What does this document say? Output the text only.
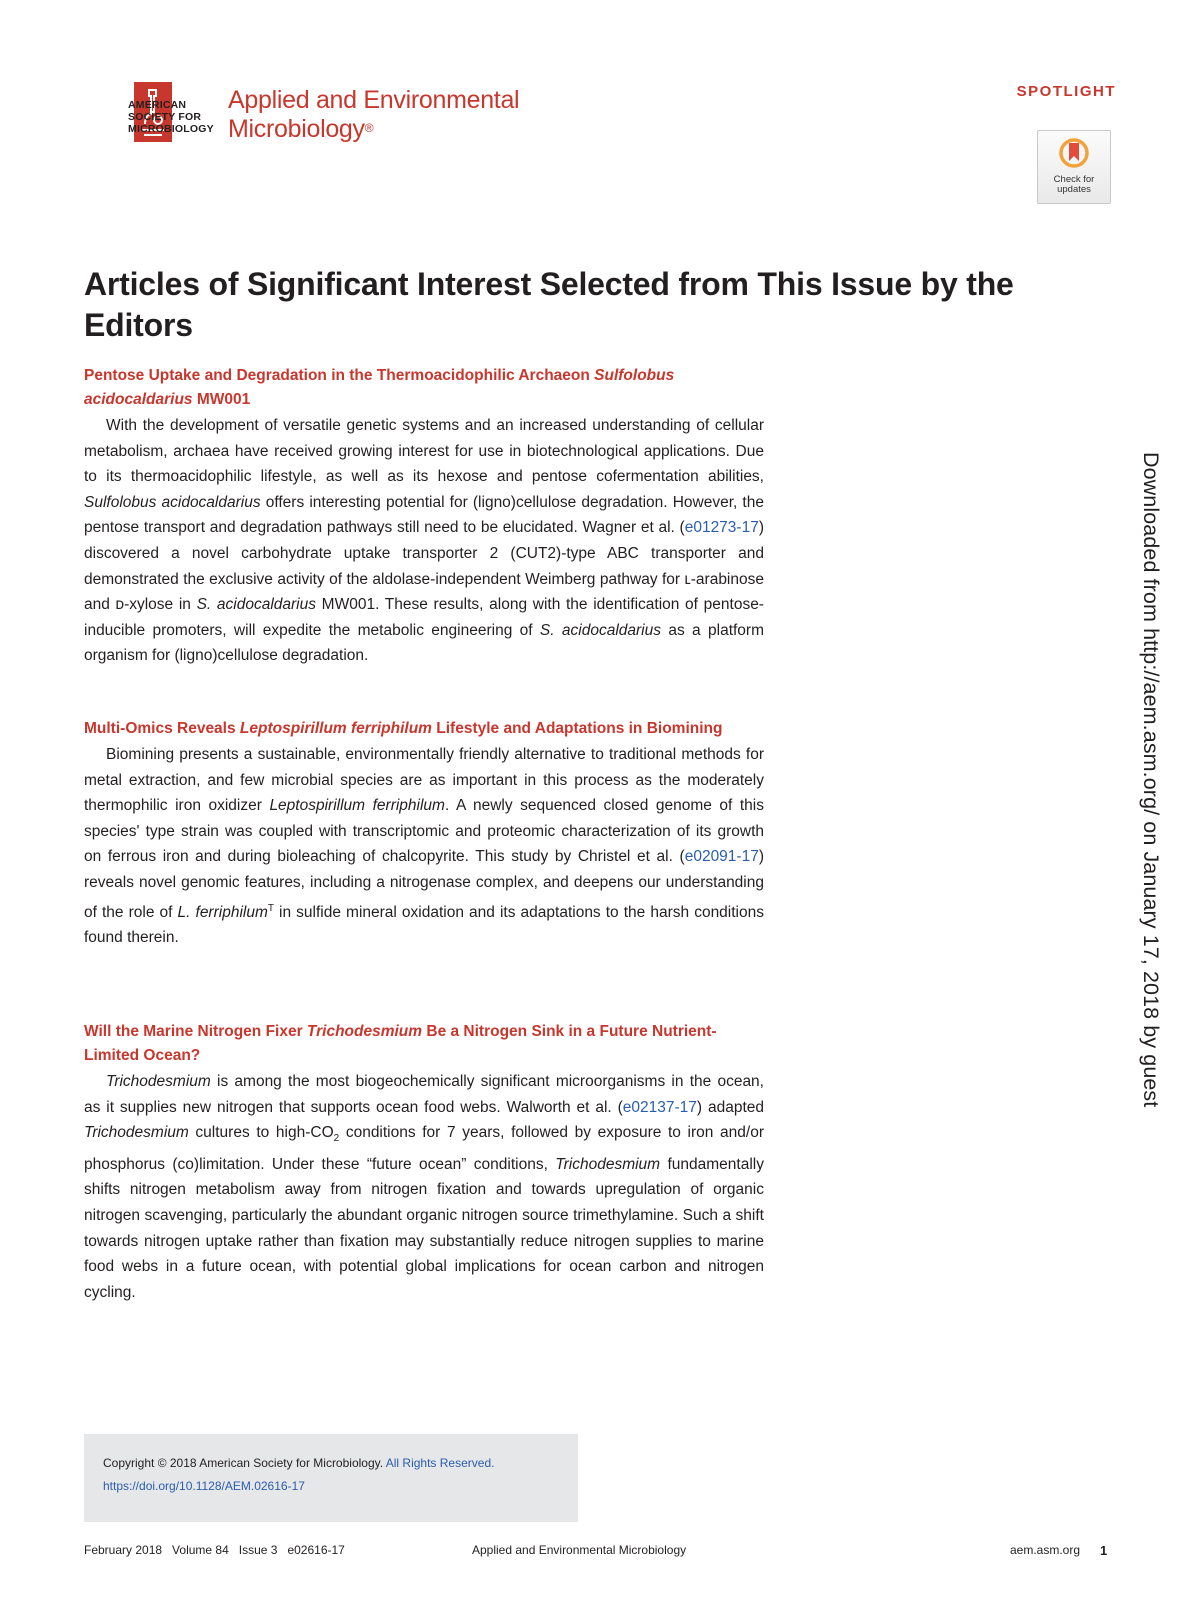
AMERICAN
SOCIETY FOR
MICROBIOLOGY
Applied and Environmental
Microbiology®
SPOTLIGHT
Check for
updates
Articles of Significant Interest Selected from This Issue by the Editors
Pentose Uptake and Degradation in the Thermoacidophilic Archaeon Sulfolobus acidocaldarius MW001

With the development of versatile genetic systems and an increased understanding of cellular metabolism, archaea have received growing interest for use in biotechnological applications. Due to its thermoacidophilic lifestyle, as well as its hexose and pentose cofermentation abilities, Sulfolobus acidocaldarius offers interesting potential for (ligno)cellulose degradation. However, the pentose transport and degradation pathways still need to be elucidated. Wagner et al. (e01273-17) discovered a novel carbohydrate uptake transporter 2 (CUT2)-type ABC transporter and demonstrated the exclusive activity of the aldolase-independent Weimberg pathway for ʟ-arabinose and ᴅ-xylose in S. acidocaldarius MW001. These results, along with the identification of pentose-inducible promoters, will expedite the metabolic engineering of S. acidocaldarius as a platform organism for (ligno)cellulose degradation.

Multi-Omics Reveals Leptospirillum ferriphilum Lifestyle and Adaptations in Biomining

Biomining presents a sustainable, environmentally friendly alternative to traditional methods for metal extraction, and few microbial species are as important in this process as the moderately thermophilic iron oxidizer Leptospirillum ferriphilum. A newly sequenced closed genome of this species' type strain was coupled with transcriptomic and proteomic characterization of its growth on ferrous iron and during bioleaching of chalcopyrite. This study by Christel et al. (e02091-17) reveals novel genomic features, including a nitrogenase complex, and deepens our understanding of the role of L. ferriphilum$^T$ in sulfide mineral oxidation and its adaptations to the harsh conditions found therein.

Will the Marine Nitrogen Fixer Trichodesmium Be a Nitrogen Sink in a Future Nutrient-Limited Ocean?

Trichodesmium is among the most biogeochemically significant microorganisms in the ocean, as it supplies new nitrogen that supports ocean food webs. Walworth et al. (e02137-17) adapted Trichodesmium cultures to high-$CO_2$ conditions for 7 years, followed by exposure to iron and/or phosphorus (co)limitation. Under these “future ocean” conditions, Trichodesmium fundamentally shifts nitrogen metabolism away from nitrogen fixation and towards upregulation of organic nitrogen scavenging, particularly the abundant organic nitrogen source trimethylamine. Such a shift towards nitrogen uptake rather than fixation may substantially reduce nitrogen supplies to marine food webs in a future ocean, with potential global implications for ocean carbon and nitrogen cycling.

Downloaded from http://aem.asm.org/ on January 17, 2018 by guest
Copyright © 2018 American Society for Microbiology. All Rights Reserved.
https://doi.org/10.1128/AEM.02616-17
February 2018   Volume 84   Issue 3   e02616-17	Applied and Environmental Microbiology	aem.asm.org 1
